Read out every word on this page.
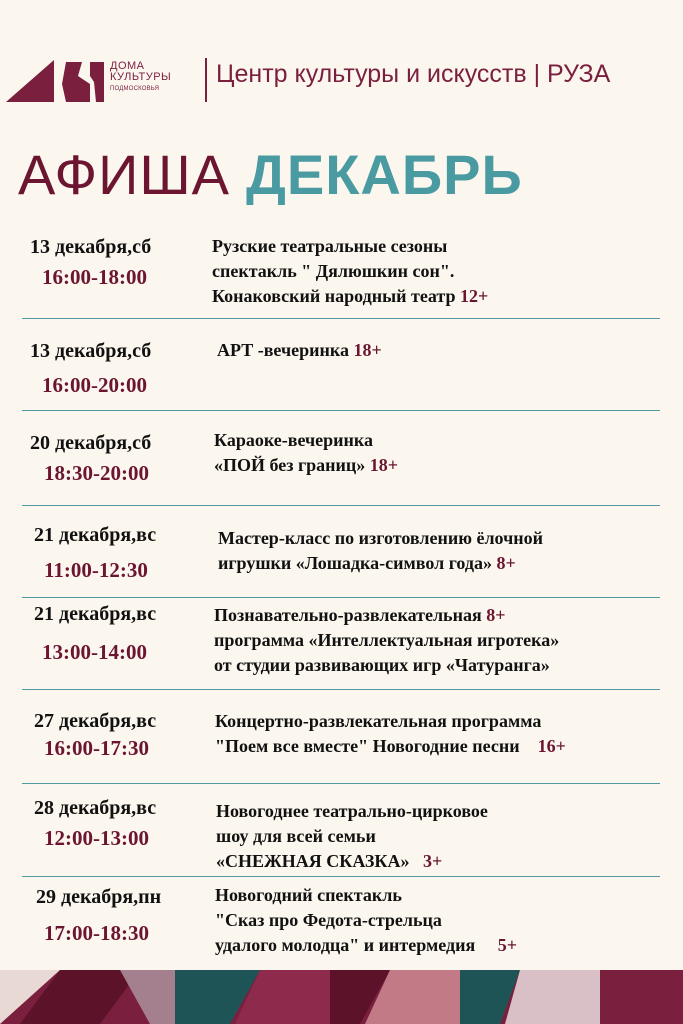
ДОМА
КУЛЬТУРЫ
ПОДМОСКОВЬЯ
Центр культуры и искусств | РУЗА
АФИША ДЕКАБРЬ
13 декабря,сб
16:00-18:00
Рузские театральные сезоны
спектакль " Дялюшкин сон".
Конаковский народный театр 12+
13 декабря,сб
16:00-20:00
АРТ -вечеринка 18+
20 декабря,сб
18:30-20:00
Караоке-вечеринка
«ПОЙ без границ» 18+
21 декабря,вс
11:00-12:30
Мастер-класс по изготовлению ёлочной
игрушки «Лошадка-символ года» 8+
21 декабря,вс
13:00-14:00
Познавательно-развлекательная 8+
программа «Интеллектуальная игротека»
от студии развивающих игр «Чатуранга»
27 декабря,вс
16:00-17:30
Концертно-развлекательная программа
"Поем все вместе" Новогодние песни 16+
28 декабря,вс
12:00-13:00
Новогоднее театрально-цирковое
шоу для всей семьи
«СНЕЖНАЯ СКАЗКА» 3+
29 декабря,пн
17:00-18:30
Новогодний спектакль
"Сказ про Федота-стрельца
удалого молодца" и интермедия 5+
